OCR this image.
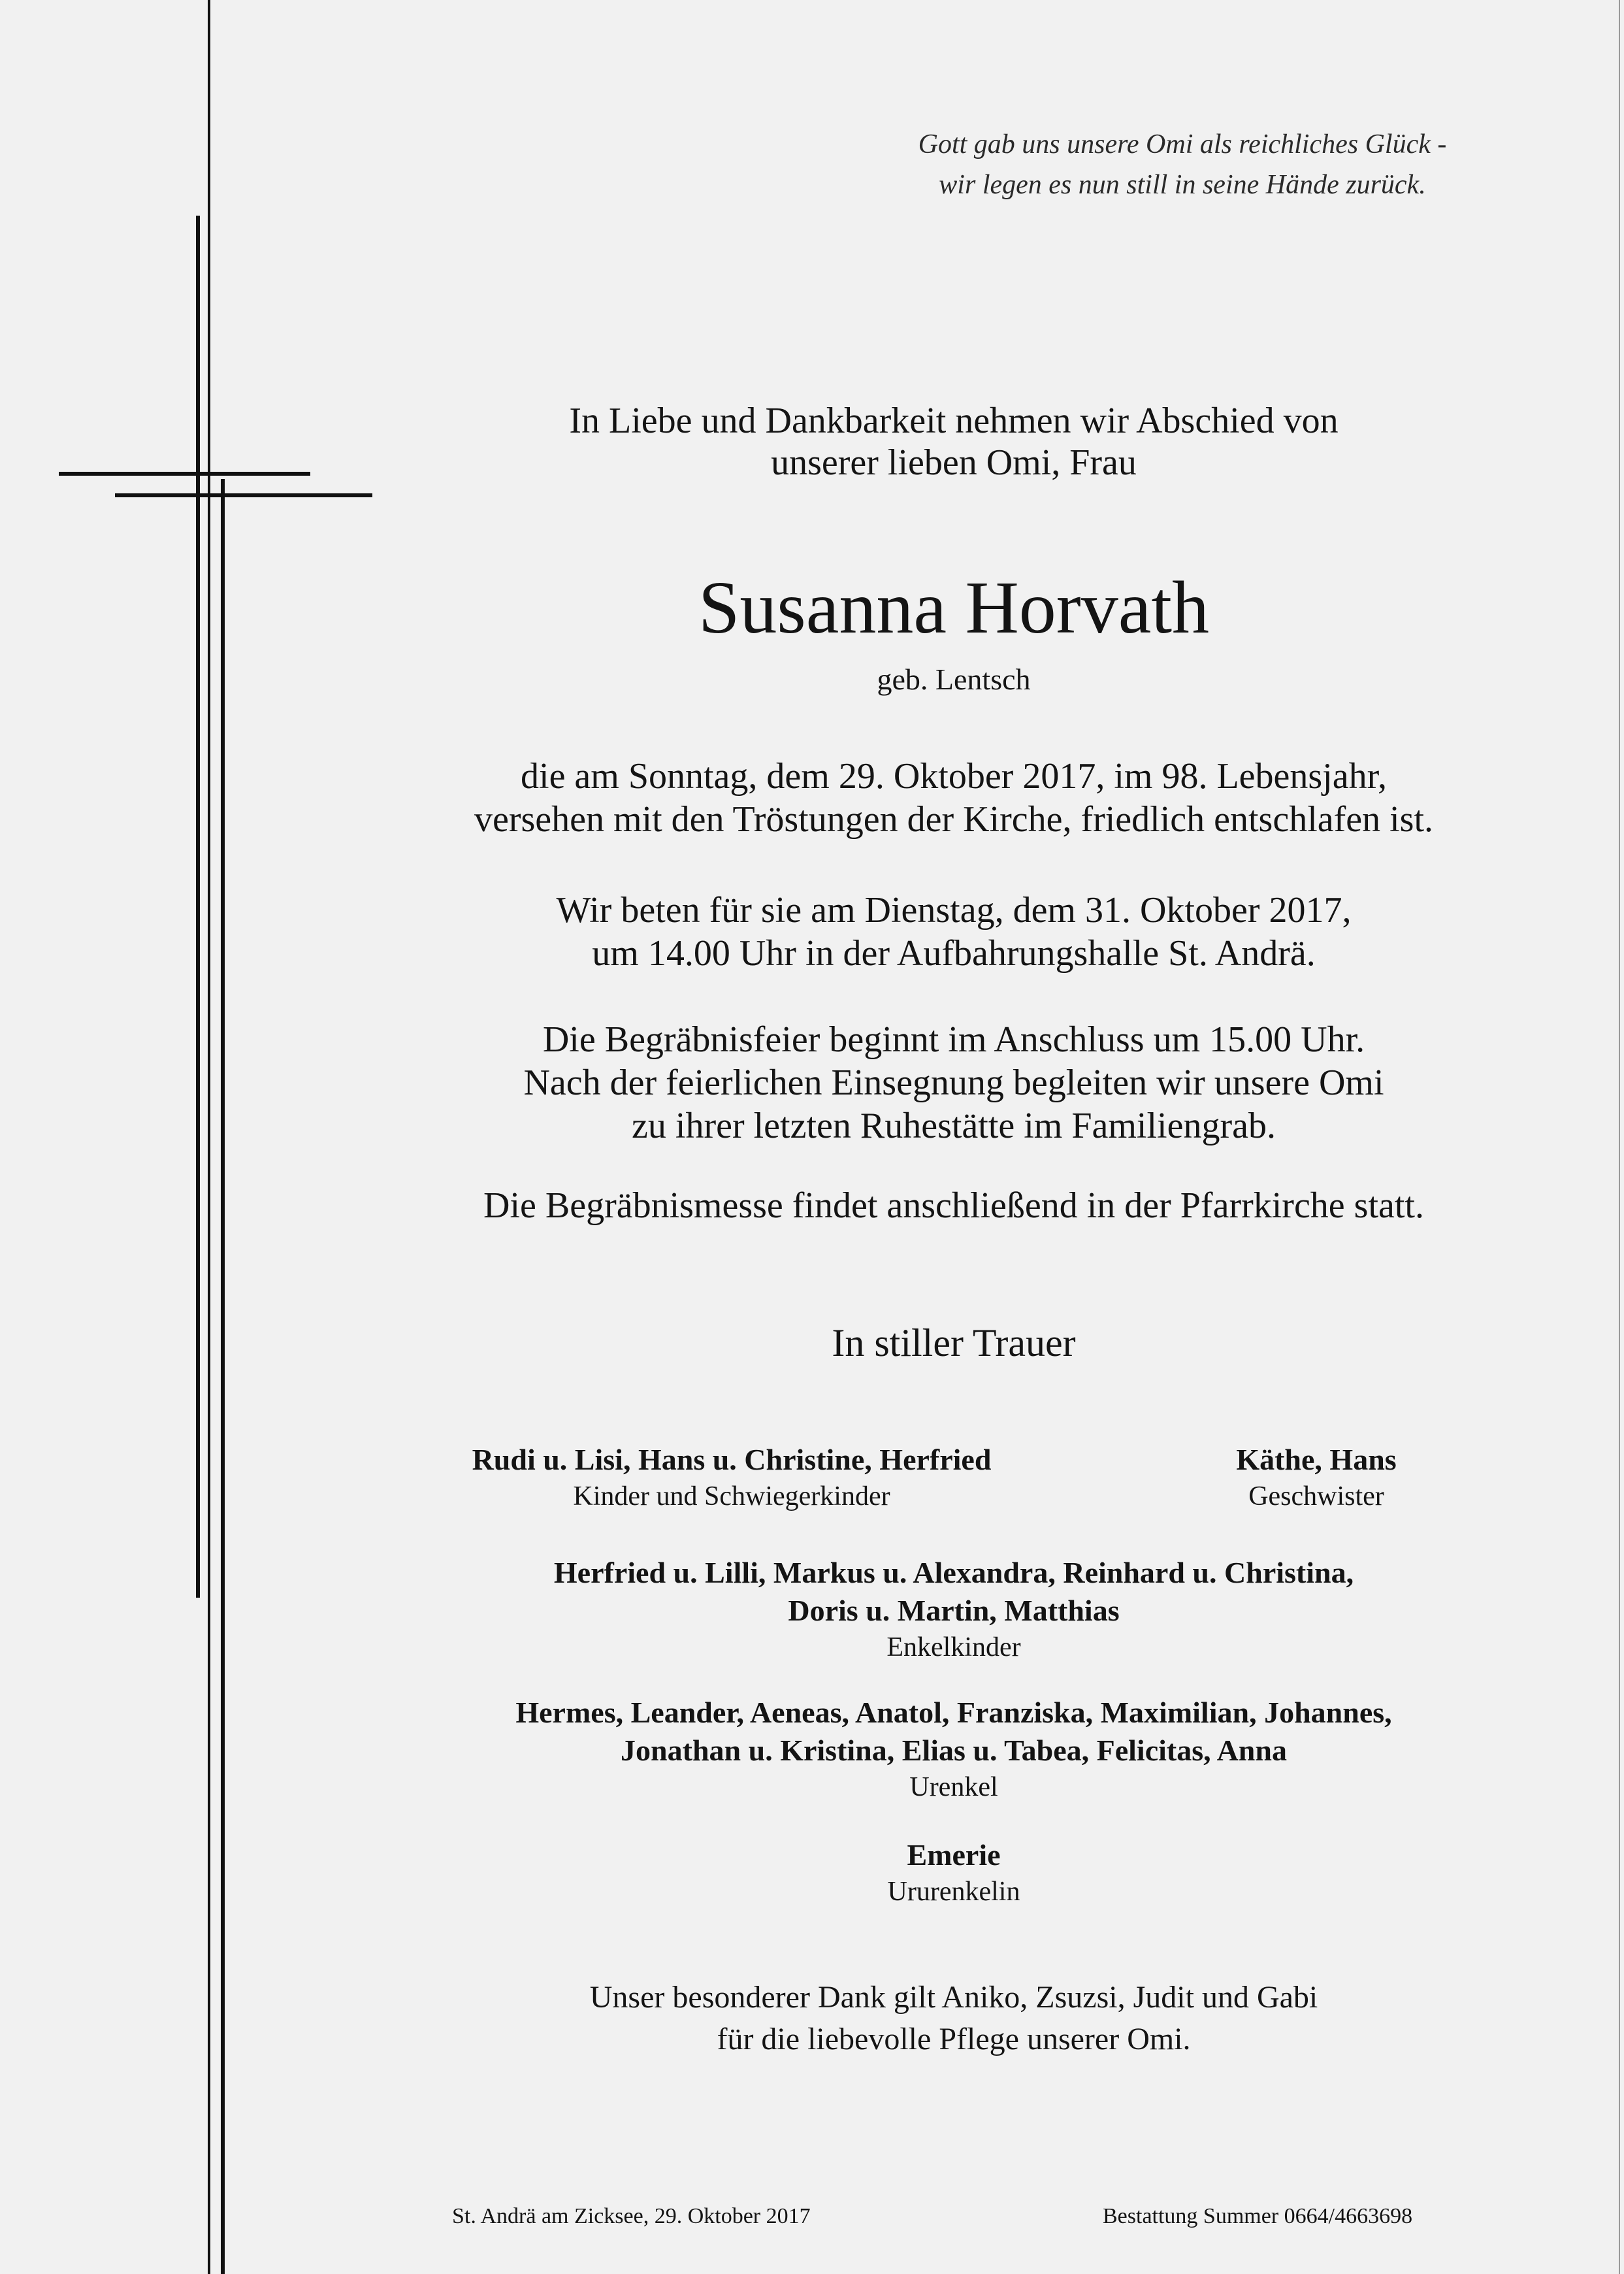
Gott gab uns unsere Omi als reichliches Glück -
wir legen es nun still in seine Hände zurück.
In Liebe und Dankbarkeit nehmen wir Abschied von
unserer lieben Omi, Frau
Susanna Horvath
geb. Lentsch
die am Sonntag, dem 29. Oktober 2017, im 98. Lebensjahr,
versehen mit den Tröstungen der Kirche, friedlich entschlafen ist.
Wir beten für sie am Dienstag, dem 31. Oktober 2017,
um 14.00 Uhr in der Aufbahrungshalle St. Andrä.
Die Begräbnisfeier beginnt im Anschluss um 15.00 Uhr.
Nach der feierlichen Einsegnung begleiten wir unsere Omi
zu ihrer letzten Ruhestätte im Familiengrab.
Die Begräbnismesse findet anschließend in der Pfarrkirche statt.
In stiller Trauer
Rudi u. Lisi, Hans u. Christine, Herfried
Kinder und Schwiegerkinder
Käthe, Hans
Geschwister
Herfried u. Lilli, Markus u. Alexandra, Reinhard u. Christina,
Doris u. Martin, Matthias
Enkelkinder
Hermes, Leander, Aeneas, Anatol, Franziska, Maximilian, Johannes,
Jonathan u. Kristina, Elias u. Tabea, Felicitas, Anna
Urenkel
Emerie
Ururenkelin
Unser besonderer Dank gilt Aniko, Zsuzsi, Judit und Gabi
für die liebevolle Pflege unserer Omi.
St. Andrä am Zicksee, 29. Oktober 2017	Bestattung Summer 0664/4663698
